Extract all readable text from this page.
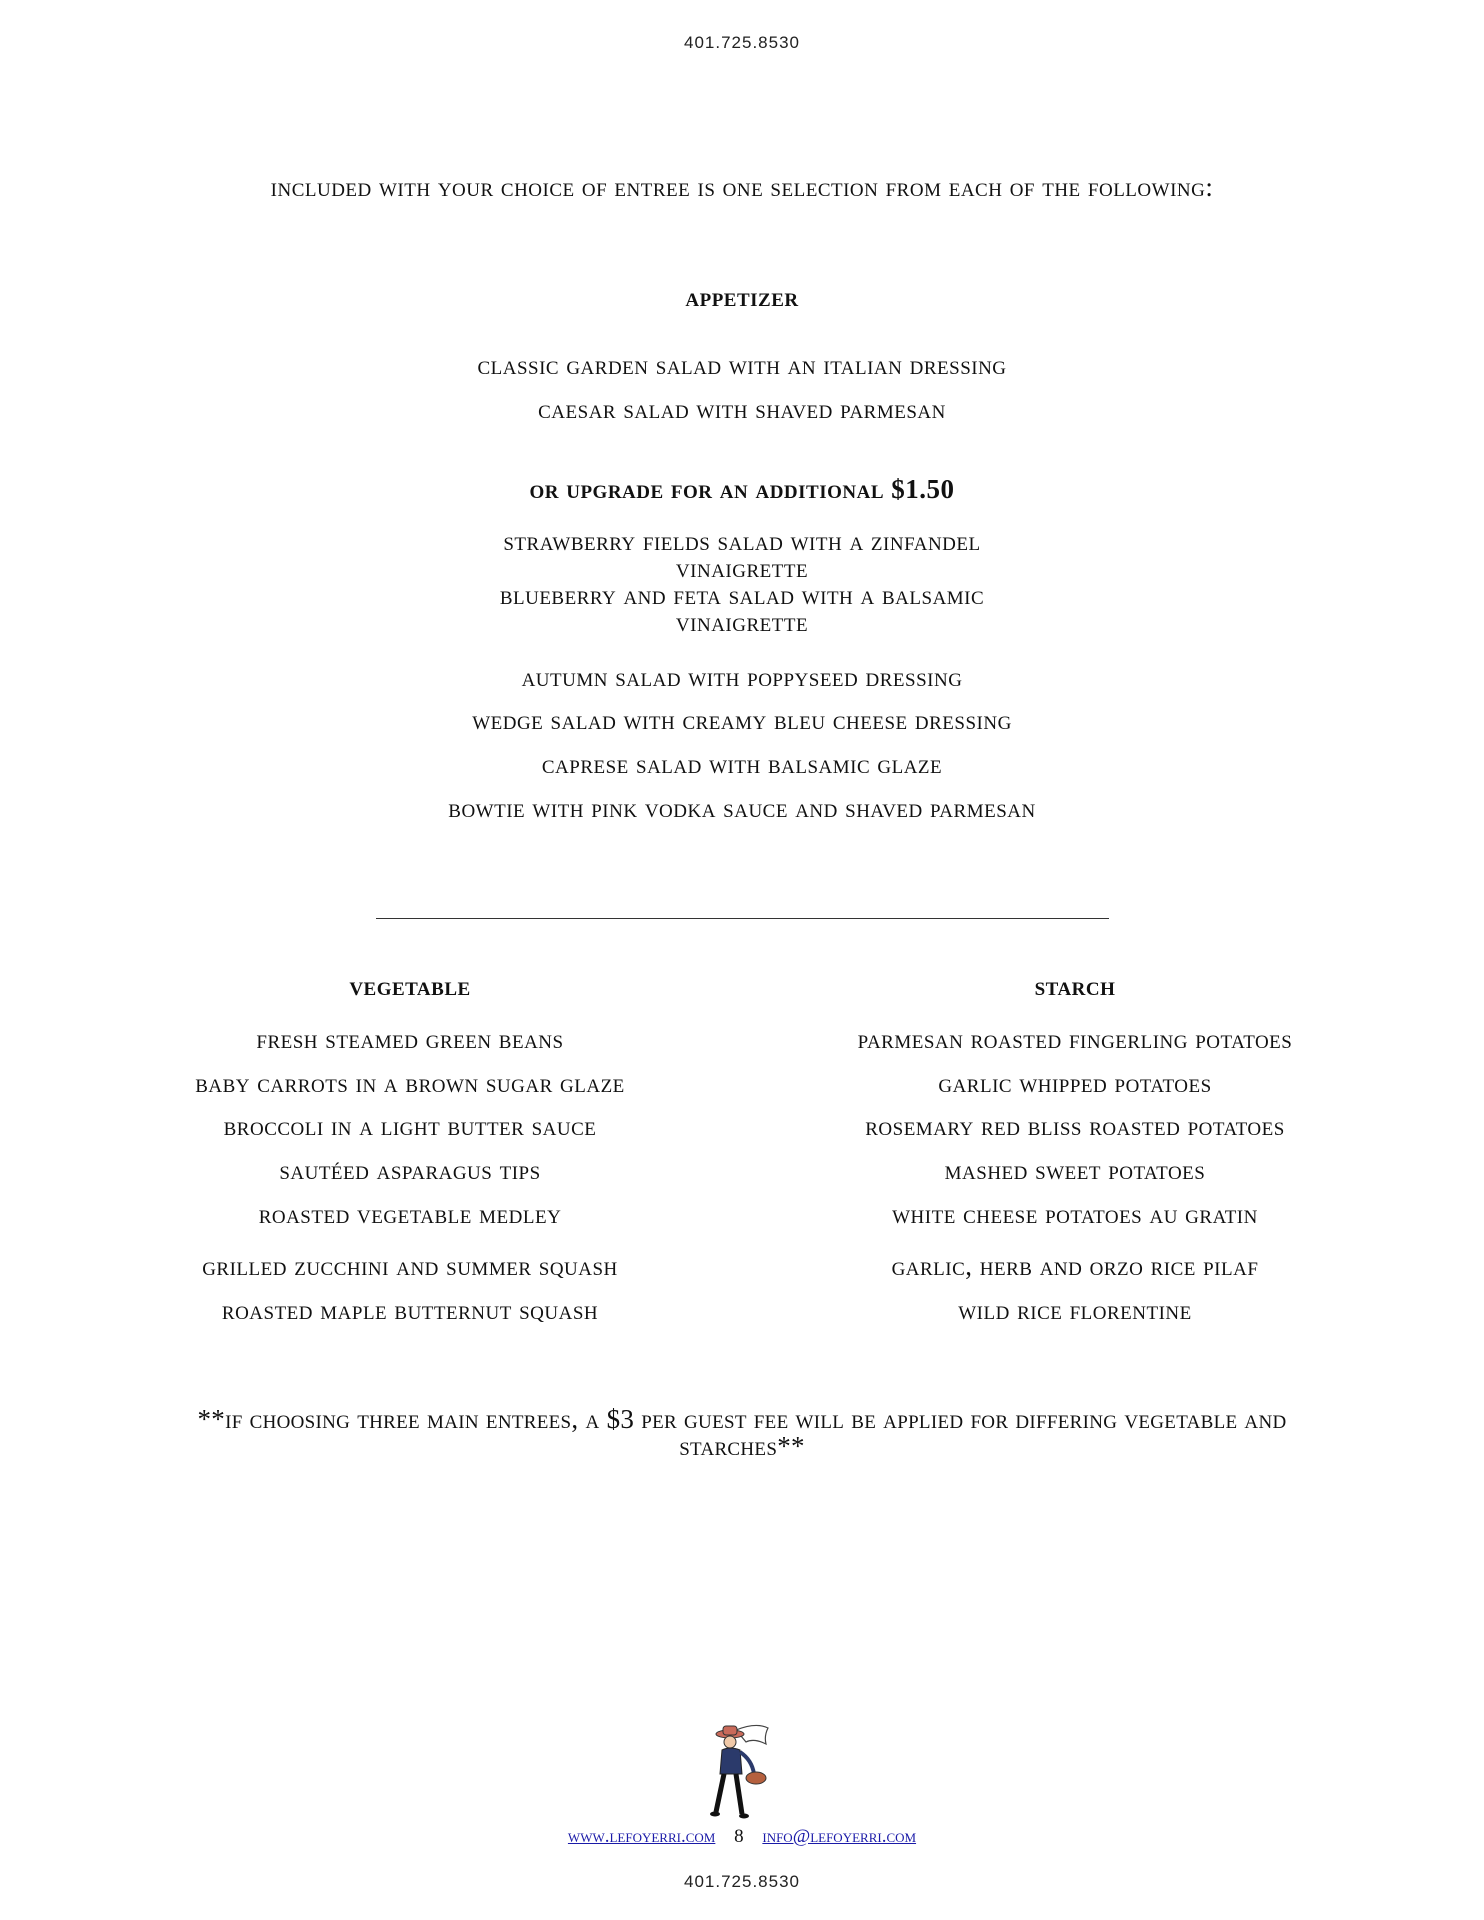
401.725.8530
included with your choice of entree is one selection from each of the following:
appetizer
classic garden salad with an italian dressing
caesar salad with shaved parmesan
or upgrade for an additional $1.50
strawberry fields salad with a zinfandel
vinaigrette
blueberry and feta salad with a balsamic
vinaigrette
autumn salad with poppyseed dressing
wedge salad with creamy bleu cheese dressing
caprese salad with balsamic glaze
bowtie with pink vodka sauce and shaved parmesan
vegetable
fresh steamed green beans
baby carrots in a brown sugar glaze
broccoli in a light butter sauce
sautéed asparagus tips
roasted vegetable medley
grilled zucchini and summer squash
roasted maple butternut squash
starch
parmesan roasted fingerling potatoes
garlic whipped potatoes
rosemary red bliss roasted potatoes
mashed sweet potatoes
white cheese potatoes au gratin
garlic, herb and orzo rice pilaf
wild rice florentine
**if choosing three main entrees, a $3 per guest fee will be applied for differing vegetable and
starches**
www.lefoyerri.com 8 info@lefoyerri.com
401.725.8530
